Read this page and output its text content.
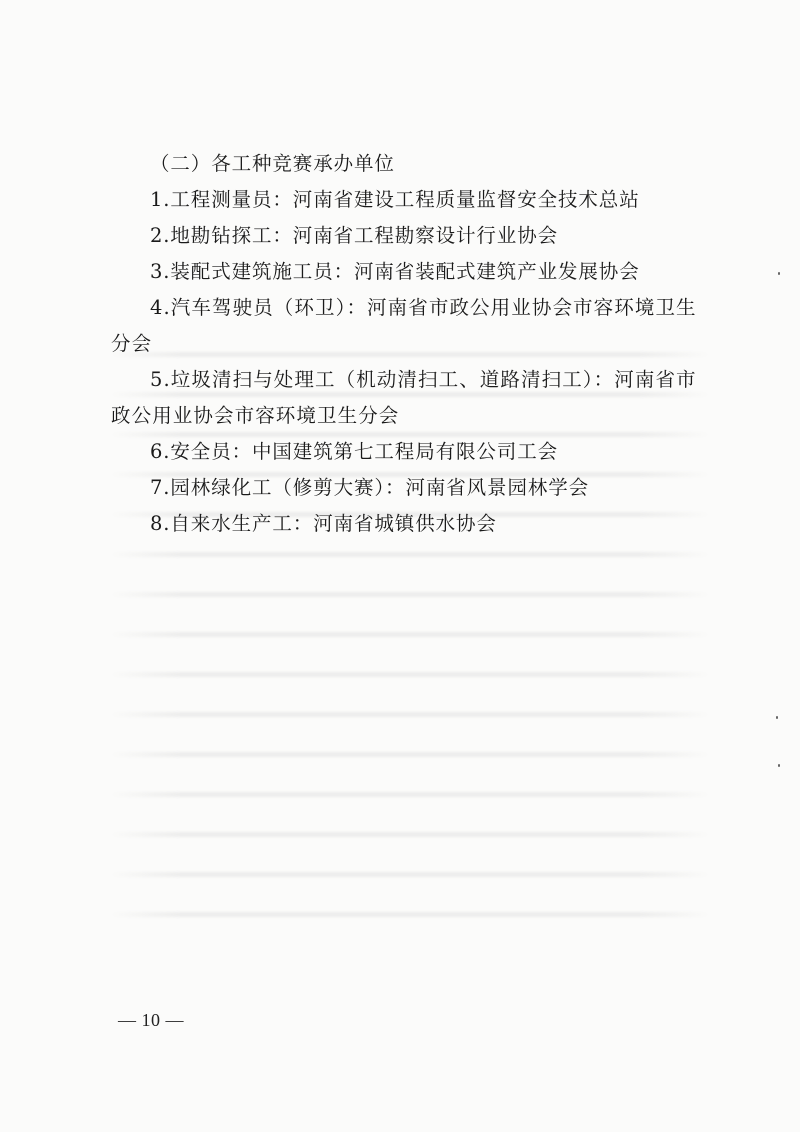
（二）各工种竞赛承办单位

1.工程测量员：河南省建设工程质量监督安全技术总站

2.地勘钻探工：河南省工程勘察设计行业协会

3.装配式建筑施工员：河南省装配式建筑产业发展协会

4.汽车驾驶员（环卫）：河南省市政公用业协会市容环境卫生分会

5.垃圾清扫与处理工（机动清扫工、道路清扫工）：河南省市政公用业协会市容环境卫生分会

6.安全员：中国建筑第七工程局有限公司工会

7.园林绿化工（修剪大赛）：河南省风景园林学会

8.自来水生产工：河南省城镇供水协会

— 10 —
